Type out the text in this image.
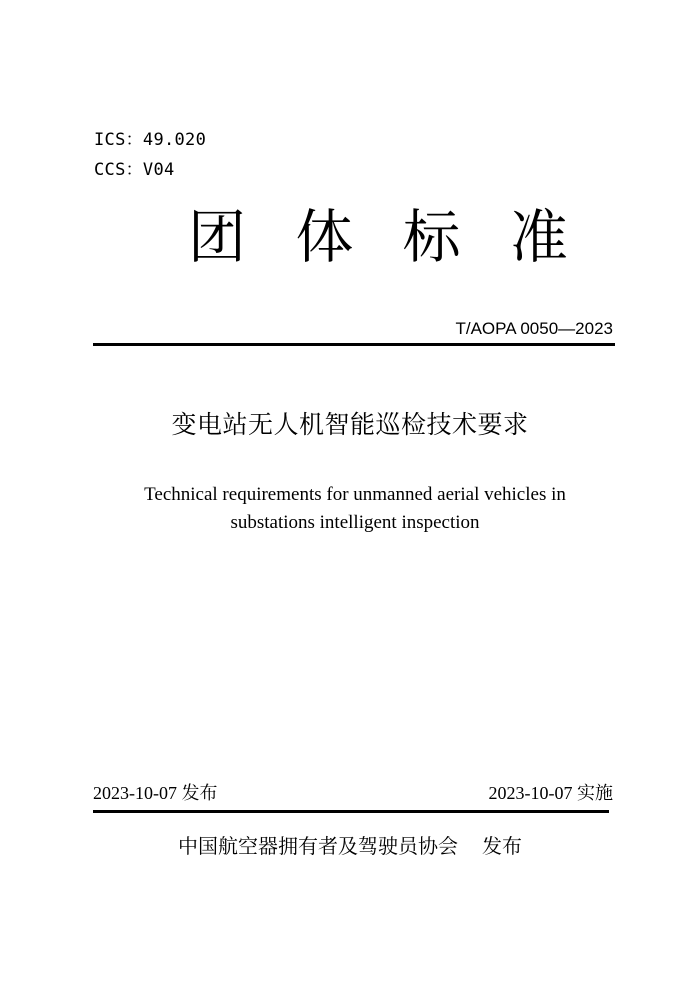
ICS：49.020
CCS：V04
团 体 标 准
T/AOPA 0050—2023
变电站无人机智能巡检技术要求
Technical requirements for unmanned aerial vehicles in
substations intelligent inspection
2023-10-07 发布	2023-10-07 实施
中国航空器拥有者及驾驶员协会 发布
